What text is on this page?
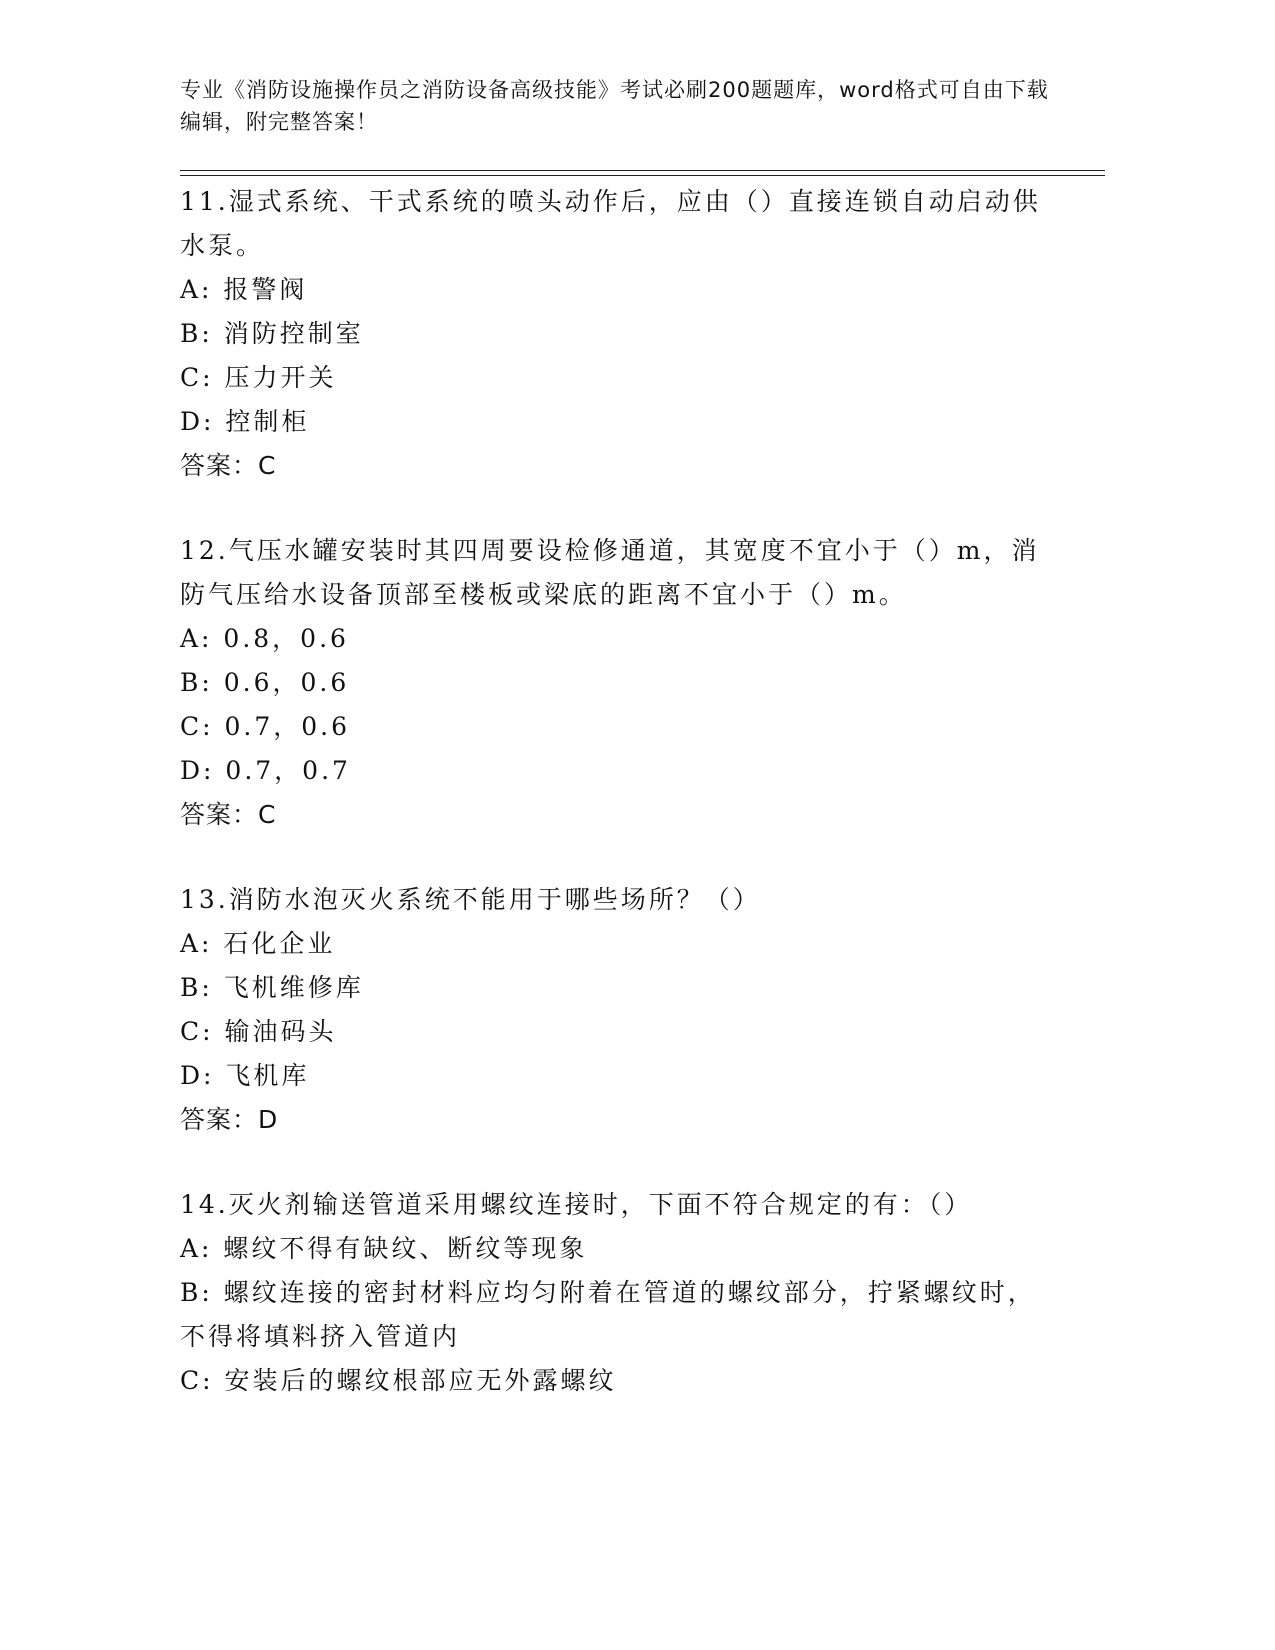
专业《消防设施操作员之消防设备高级技能》考试必刷200题题库，word格式可自由下载编辑，附完整答案！

11.湿式系统、干式系统的喷头动作后，应由（）直接连锁自动启动供水泵。

A: 报警阀

B: 消防控制室

C: 压力开关

D: 控制柜

答案：C

12.气压水罐安装时其四周要设检修通道，其宽度不宜小于（）m，消防气压给水设备顶部至楼板或梁底的距离不宜小于（）m。

A: 0.8，0.6

B: 0.6，0.6

C: 0.7，0.6

D: 0.7，0.7

答案：C

13.消防水泡灭火系统不能用于哪些场所？（）

A: 石化企业

B: 飞机维修库

C: 输油码头

D: 飞机库

答案：D

14.灭火剂输送管道采用螺纹连接时，下面不符合规定的有：（）

A: 螺纹不得有缺纹、断纹等现象

B: 螺纹连接的密封材料应均匀附着在管道的螺纹部分，拧紧螺纹时，不得将填料挤入管道内

C: 安装后的螺纹根部应无外露螺纹
